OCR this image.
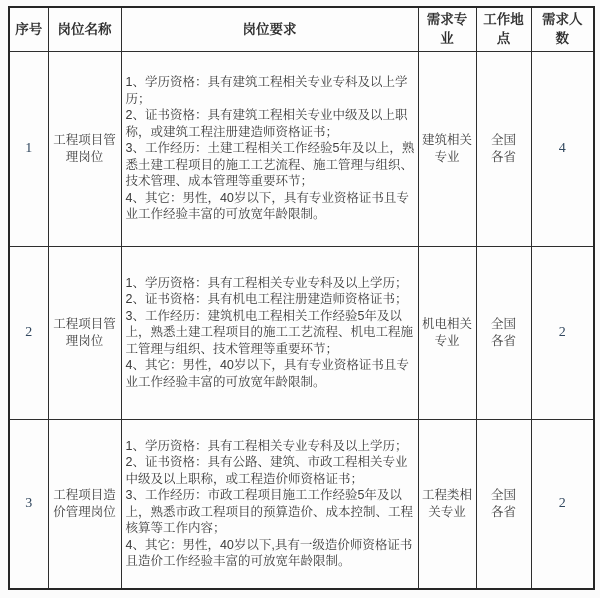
序号	岗位名称	岗位要求	需求专业	工作地点	需求人数
1	工程项目管理岗位	1、学历资格：具有建筑工程相关专业专科及以上学历；

2、证书资格：具有建筑工程相关专业中级及以上职称，或建筑工程注册建造师资格证书；

3、工作经历：土建工程相关工作经验5年及以上，熟悉土建工程项目的施工工艺流程、施工管理与组织、技术管理、成本管理等重要环节；

4、其它：男性，40岁以下，具有专业资格证书且专业工作经验丰富的可放宽年龄限制。	建筑相关专业	全国各省	4
2	工程项目管理岗位	1、学历资格：具有工程相关专业专科及以上学历；

2、证书资格：具有机电工程注册建造师资格证书；

3、工作经历：建筑机电工程相关工作经验5年及以上，熟悉土建工程项目的施工工艺流程、机电工程施工管理与组织、技术管理等重要环节；

4、其它：男性，40岁以下，具有专业资格证书且专业工作经验丰富的可放宽年龄限制。	机电相关专业	全国各省	2
3	工程项目造价管理岗位	1、学历资格：具有工程相关专业专科及以上学历；

2、证书资格：具有公路、建筑、市政工程相关专业中级及以上职称，或工程造价师资格证书；

3、工作经历：市政工程项目施工工作经验5年及以上，熟悉市政工程项目的预算造价、成本控制、工程核算等工作内容；

4、其它：男性，40岁以下,具有一级造价师资格证书且造价工作经验丰富的可放宽年龄限制。	工程类相关专业	全国各省	2
